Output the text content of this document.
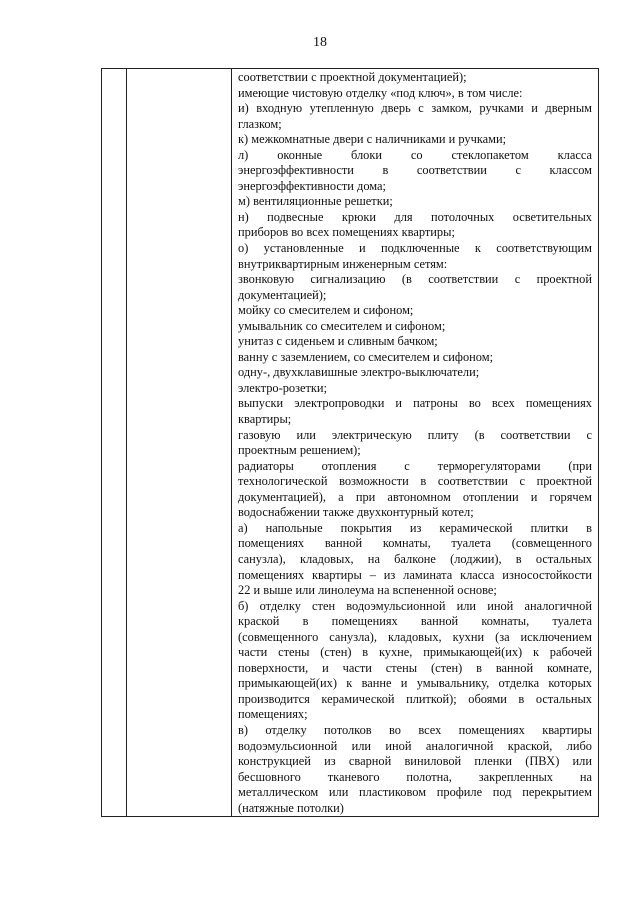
18

соответствии с проектной документацией);
имеющие чистовую отделку «под ключ», в том числе:
и) входную утепленную дверь с замком, ручками и дверным
глазком;
к) межкомнатные двери с наличниками и ручками;
л) оконные блоки со стеклопакетом класса
энергоэффективности в соответствии с классом
энергоэффективности дома;
м) вентиляционные решетки;
н) подвесные крюки для потолочных осветительных
приборов во всех помещениях квартиры;
о) установленные и подключенные к соответствующим
внутриквартирным инженерным сетям:
звонковую сигнализацию (в соответствии с проектной
документацией);
мойку со смесителем и сифоном;
умывальник со смесителем и сифоном;
унитаз с сиденьем и сливным бачком;
ванну с заземлением, со смесителем и сифоном;
одну-, двухклавишные электро-выключатели;
электро-розетки;
выпуски электропроводки и патроны во всех помещениях
квартиры;
газовую или электрическую плиту (в соответствии с
проектным решением);
радиаторы отопления с терморегуляторами (при
технологической возможности в соответствии с проектной
документацией), а при автономном отоплении и горячем
водоснабжении также двухконтурный котел;
а) напольные покрытия из керамической плитки в
помещениях ванной комнаты, туалета (совмещенного
санузла), кладовых, на балконе (лоджии), в остальных
помещениях квартиры – из ламината класса износостойкости
22 и выше или линолеума на вспененной основе;
б) отделку стен водоэмульсионной или иной аналогичной
краской в помещениях ванной комнаты, туалета
(совмещенного санузла), кладовых, кухни (за исключением
части стены (стен) в кухне, примыкающей(их) к рабочей
поверхности, и части стены (стен) в ванной комнате,
примыкающей(их) к ванне и умывальнику, отделка которых
производится керамической плиткой); обоями в остальных
помещениях;
в) отделку потолков во всех помещениях квартиры
водоэмульсионной или иной аналогичной краской, либо
конструкцией из сварной виниловой пленки (ПВХ) или
бесшовного тканевого полотна, закрепленных на
металлическом или пластиковом профиле под перекрытием
(натяжные потолки)
